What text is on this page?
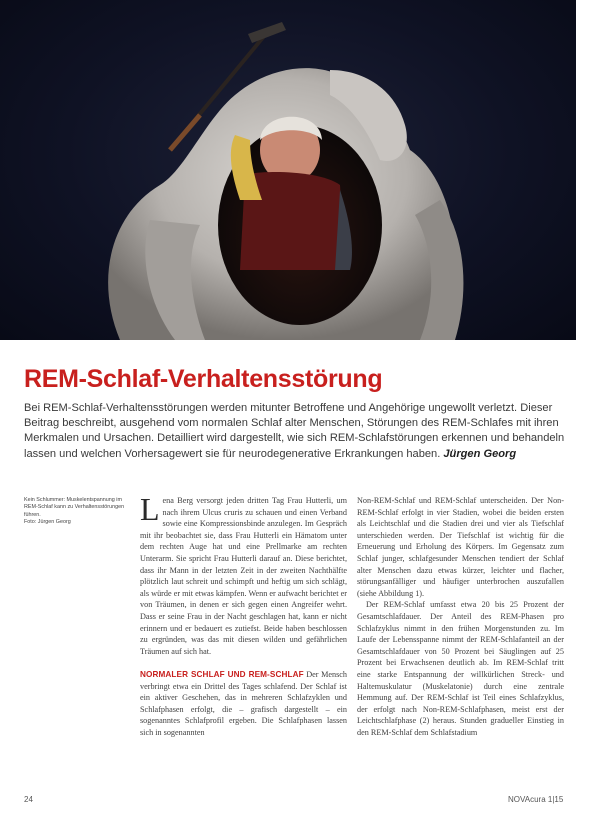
REM-Schlaf-Verhaltensstörung

Bei REM-Schlaf-Verhaltensstörungen werden mitunter Betroffene und Angehörige ungewollt verletzt. Dieser Beitrag beschreibt, ausgehend vom normalen Schlaf alter Menschen, Störungen des REM-Schlafes mit ihren Merkmalen und Ursachen. Detailliert wird dargestellt, wie sich REM-Schlafstörungen erkennen und behandeln lassen und welchen Vorhersagewert sie für neurodegenerative Erkrankungen haben. Jürgen Georg

Kein Schlummer: Muskelentspannung im REM-Schlaf kann zu Verhaltensstörungen führen.
Foto: Jürgen Georg	Lena Berg versorgt jeden dritten Tag Frau Hutterli, um nach ihrem Ulcus cruris zu schauen und einen Verband sowie eine Kompressionsbinde anzulegen. Im Gespräch mit ihr beobachtet sie, dass Frau Hutterli ein Hämatom unter dem rechten Auge hat und eine Prellmarke am rechten Unterarm. Sie spricht Frau Hutterli darauf an. Diese berichtet, dass ihr Mann in der letzten Zeit in der zweiten Nachthälfte plötzlich laut schreit und schimpft und heftig um sich schlägt, als würde er mit etwas kämpfen. Wenn er aufwacht berichtet er von Träumen, in denen er sich gegen einen Angreifer wehrt. Dass er seine Frau in der Nacht geschlagen hat, kann er nicht erinnern und er bedauert es zutiefst. Beide haben beschlossen zu ergründen, was das mit diesen wilden und gefährlichen Träumen auf sich hat.

NORMALER SCHLAF UND REM-SCHLAF Der Mensch verbringt etwa ein Drittel des Tages schlafend. Der Schlaf ist ein aktiver Geschehen, das in mehreren Schlafzyklen und Schlafphasen erfolgt, die – grafisch dargestellt – ein sogenanntes Schlafprofil ergeben. Die Schlafphasen lassen sich in sogenannten

Non-REM-Schlaf und REM-Schlaf unterscheiden. Der Non-REM-Schlaf erfolgt in vier Stadien, wobei die beiden ersten als Leichtschlaf und die Stadien drei und vier als Tiefschlaf unterschieden werden. Der Tiefschlaf ist wichtig für die Erneuerung und Erholung des Körpers. Im Gegensatz zum Schlaf junger, schlafgesunder Menschen tendiert der Schlaf alter Menschen dazu etwas kürzer, leichter und flacher, störungsanfälliger und häufiger unterbrochen auszufallen (siehe Abbildung 1).

Der REM-Schlaf umfasst etwa 20 bis 25 Prozent der Gesamtschlafdauer. Der Anteil des REM-Phasen pro Schlafzyklus nimmt in den frühen Morgenstunden zu. Im Laufe der Lebensspanne nimmt der REM-Schlafanteil an der Gesamtschlafdauer von 50 Prozent bei Säuglingen auf 25 Prozent bei Erwachsenen deutlich ab. Im REM-Schlaf tritt eine starke Entspannung der willkürlichen Streck- und Haltemuskulatur (Muskelatonie) durch eine zentrale Hemmung auf. Der REM-Schlaf ist Teil eines Schlafzyklus, der erfolgt nach Non-REM-Schlafphasen, meist erst der Leichtschlafphase (2) heraus. Stunden gradueller Einstieg in den REM-Schlaf dem Schlafstadium

24	NOVAcura 1|15
